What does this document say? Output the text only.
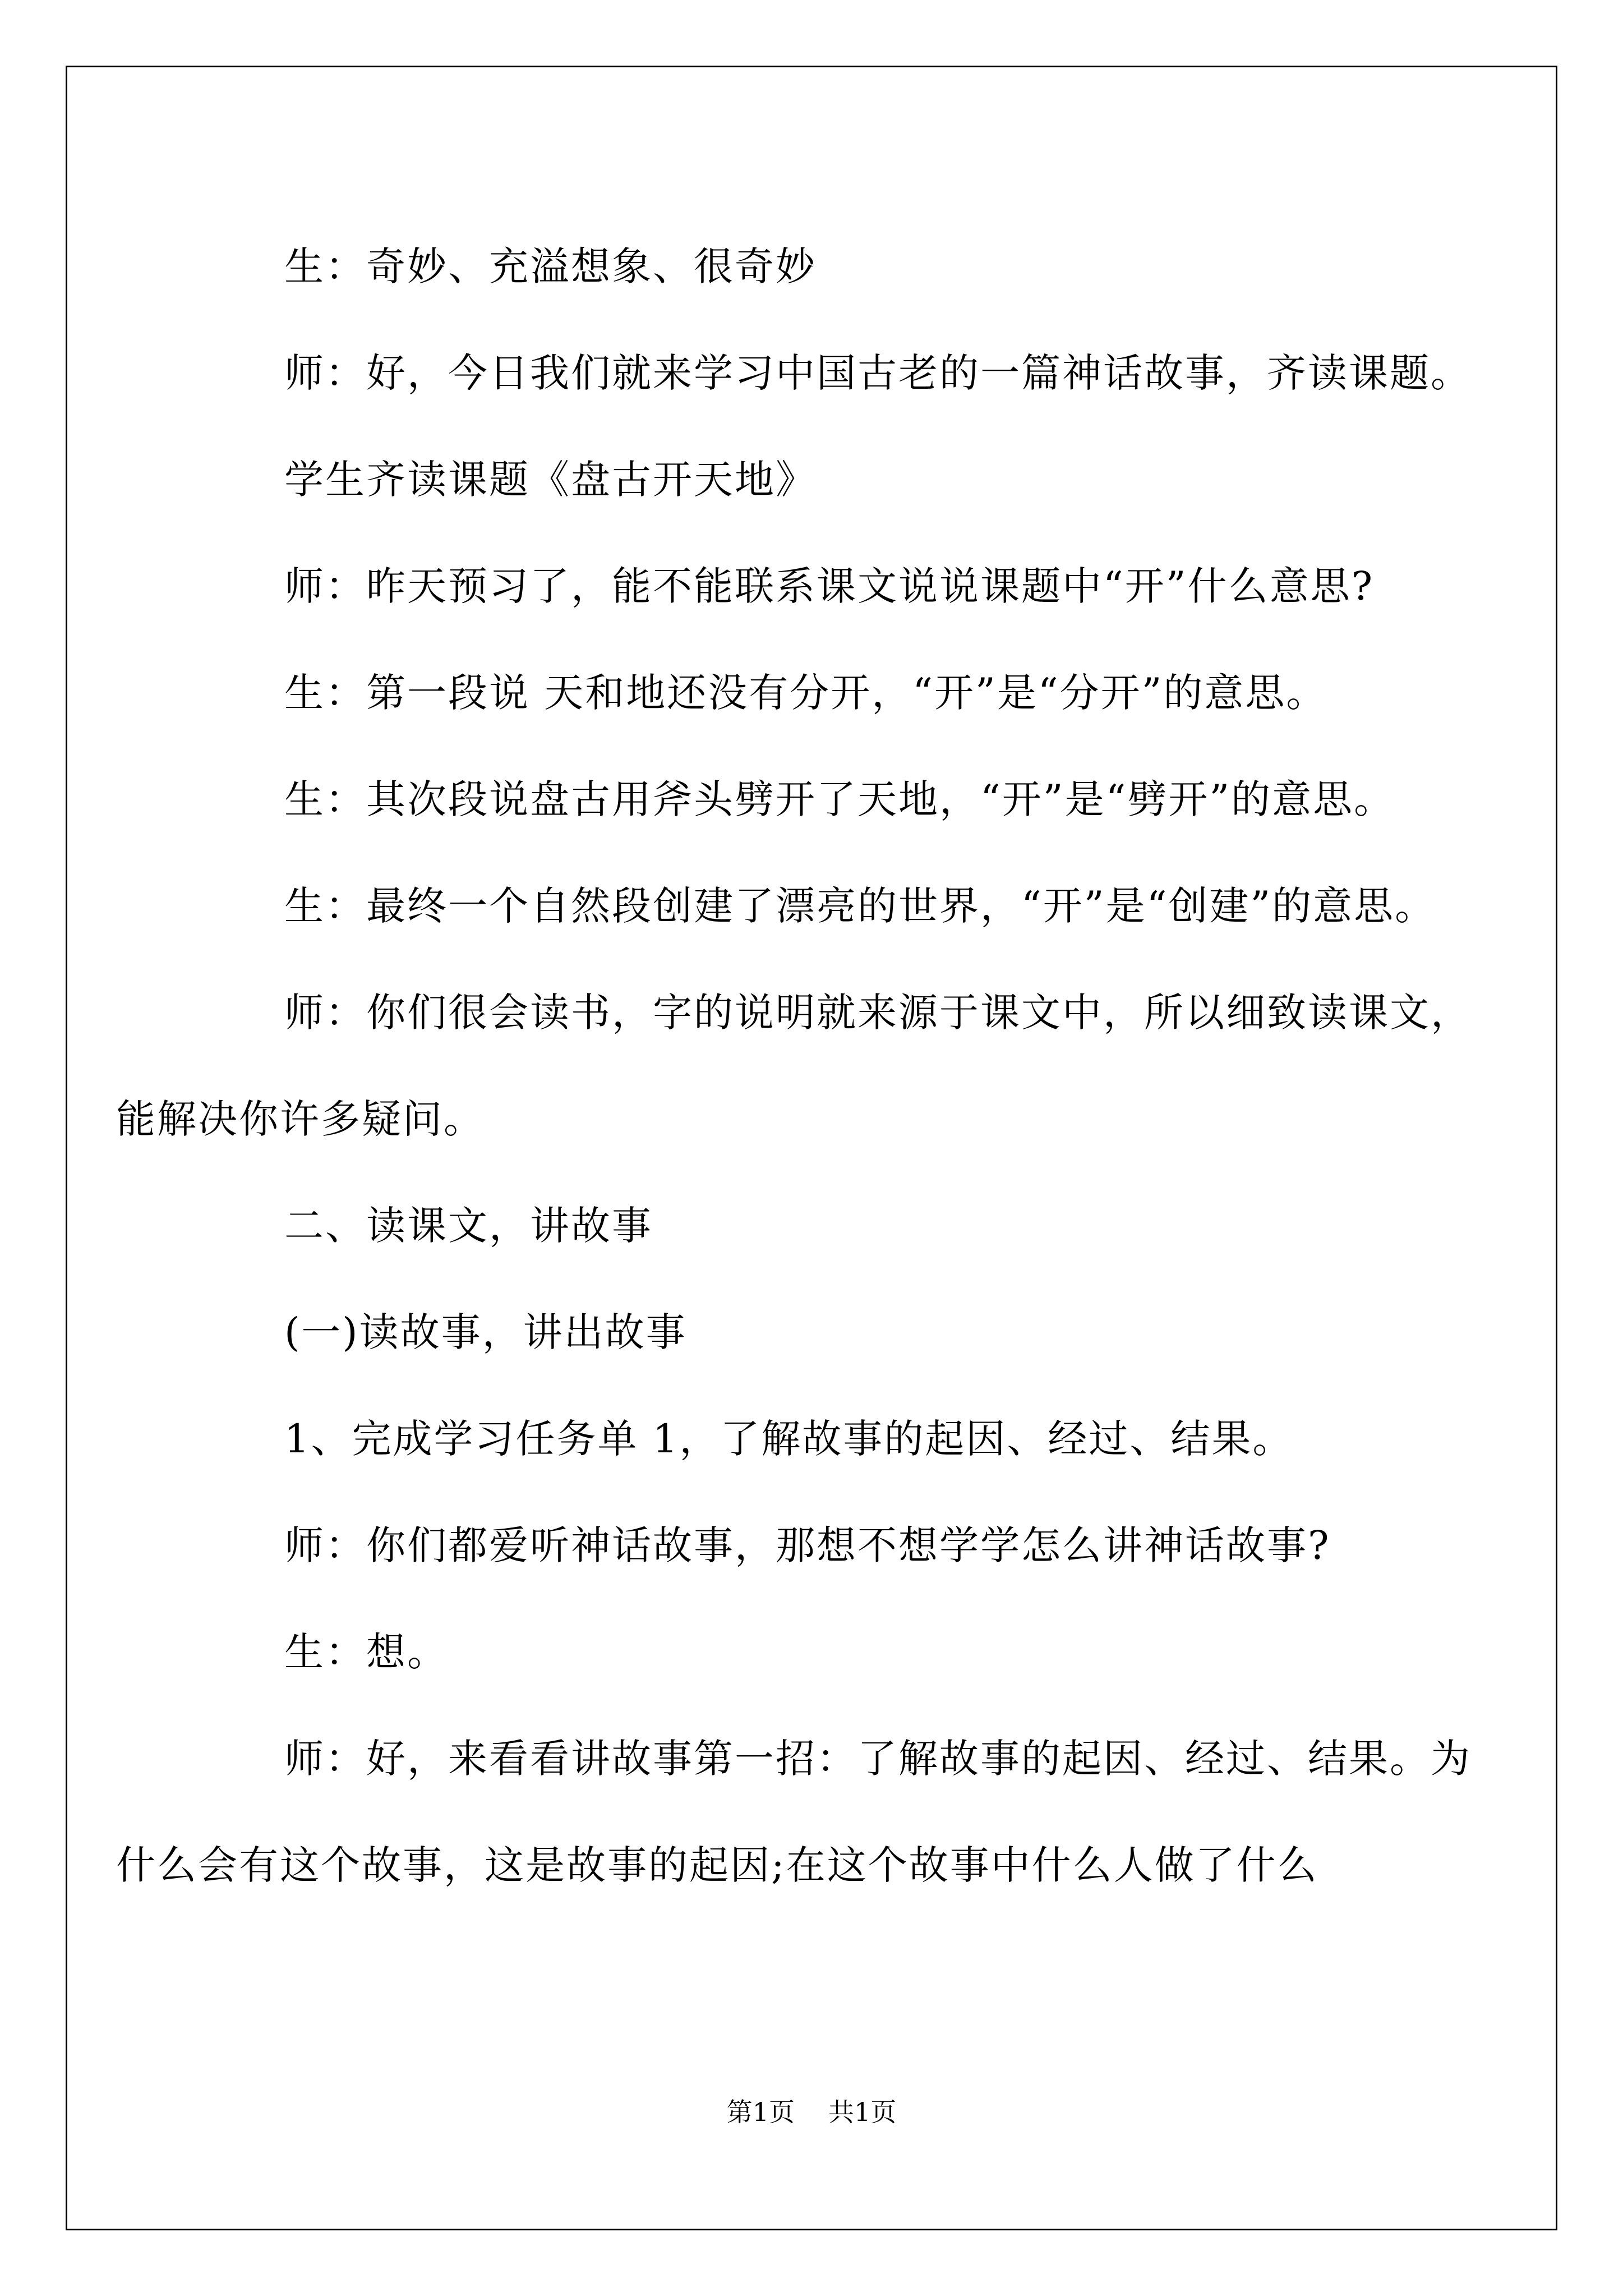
生：奇妙、充溢想象、很奇妙

师：好，今日我们就来学习中国古老的一篇神话故事，齐读课题。

学生齐读课题《盘古开天地》

师：昨天预习了，能不能联系课文说说课题中“开”什么意思?

生：第一段说 天和地还没有分开，“开”是“分开”的意思。

生：其次段说盘古用斧头劈开了天地，“开”是“劈开”的意思。

生：最终一个自然段创建了漂亮的世界，“开”是“创建”的意思。

师：你们很会读书，字的说明就来源于课文中，所以细致读课文，能解决你许多疑问。

二、读课文，讲故事

(一)读故事，讲出故事

1、完成学习任务单 1，了解故事的起因、经过、结果。

师：你们都爱听神话故事，那想不想学学怎么讲神话故事?

生：想。

师：好，来看看讲故事第一招：了解故事的起因、经过、结果。为什么会有这个故事，这是故事的起因;在这个故事中什么人做了什么

第1页 共1页
